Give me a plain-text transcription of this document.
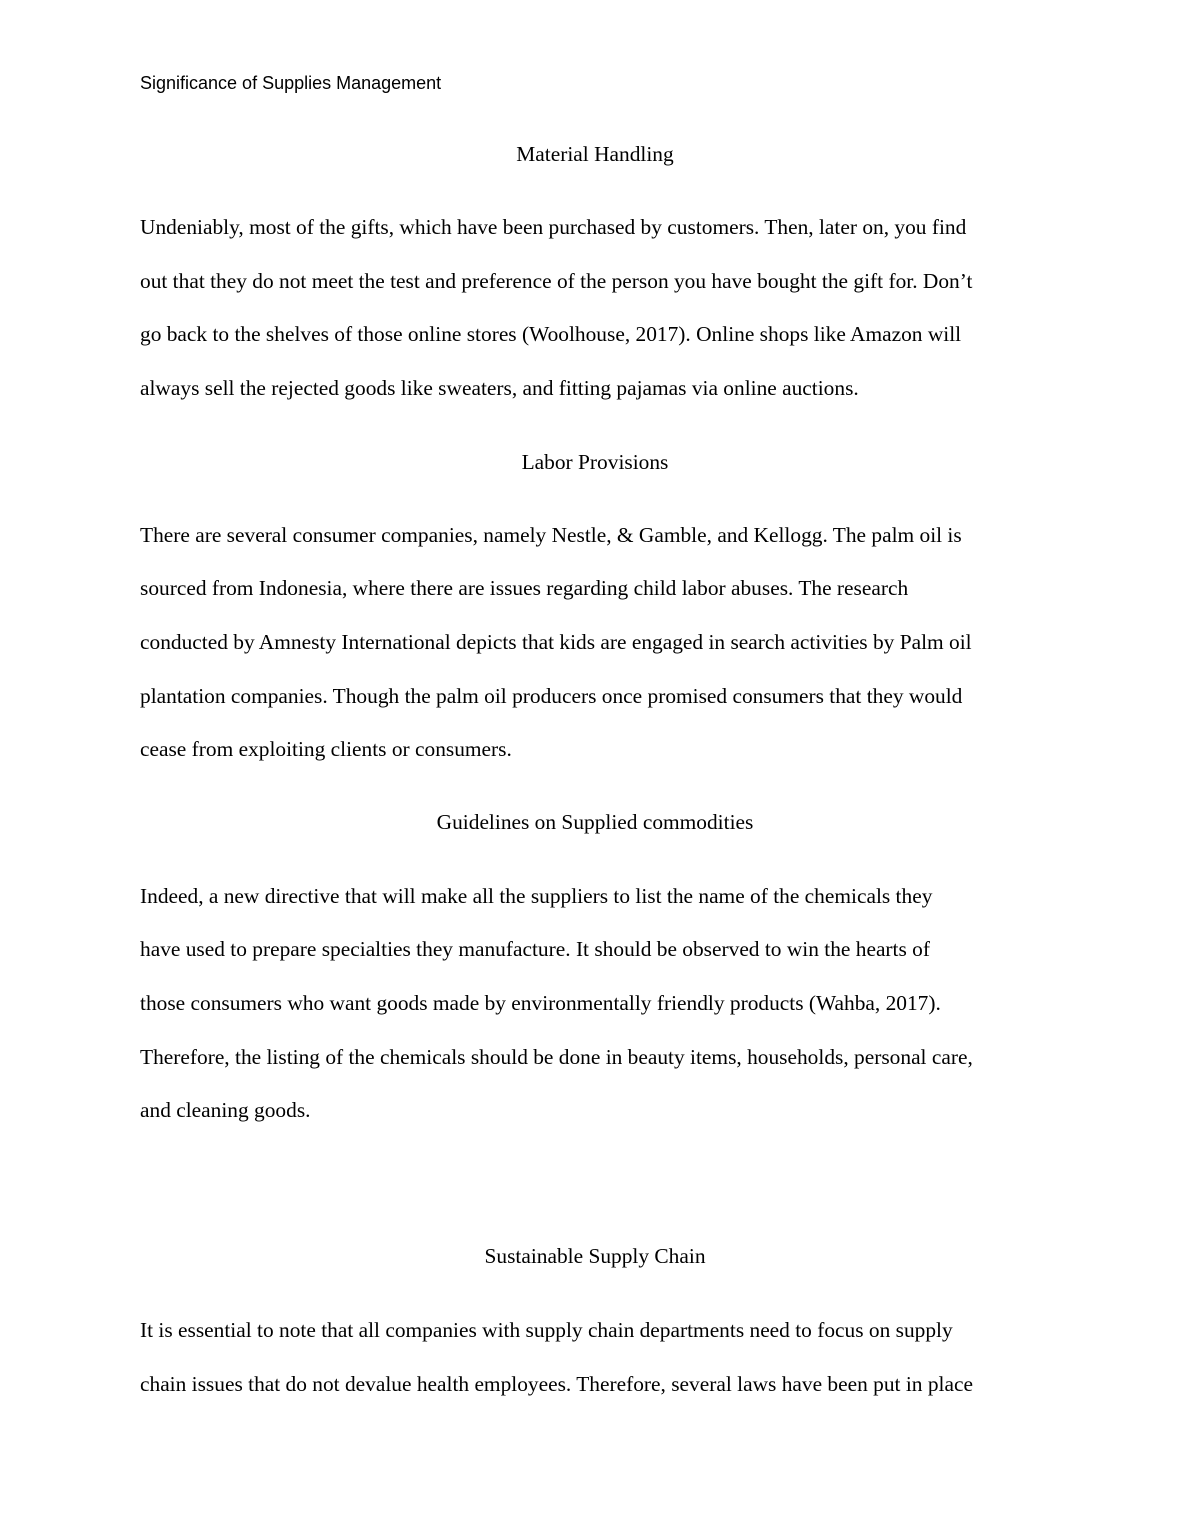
Significance of Supplies Management
Material Handling
Undeniably, most of the gifts, which have been purchased by customers. Then, later on, you find
out that they do not meet the test and preference of the person you have bought the gift for. Don’t
go back to the shelves of those online stores (Woolhouse, 2017). Online shops like Amazon will
always sell the rejected goods like sweaters, and fitting pajamas via online auctions.
Labor Provisions
There are several consumer companies, namely Nestle, & Gamble, and Kellogg. The palm oil is
sourced from Indonesia, where there are issues regarding child labor abuses. The research
conducted by Amnesty International depicts that kids are engaged in search activities by Palm oil
plantation companies. Though the palm oil producers once promised consumers that they would
cease from exploiting clients or consumers.
Guidelines on Supplied commodities
Indeed, a new directive that will make all the suppliers to list the name of the chemicals they
have used to prepare specialties they manufacture. It should be observed to win the hearts of
those consumers who want goods made by environmentally friendly products (Wahba, 2017).
Therefore, the listing of the chemicals should be done in beauty items, households, personal care,
and cleaning goods.
Sustainable Supply Chain
It is essential to note that all companies with supply chain departments need to focus on supply
chain issues that do not devalue health employees. Therefore, several laws have been put in place
